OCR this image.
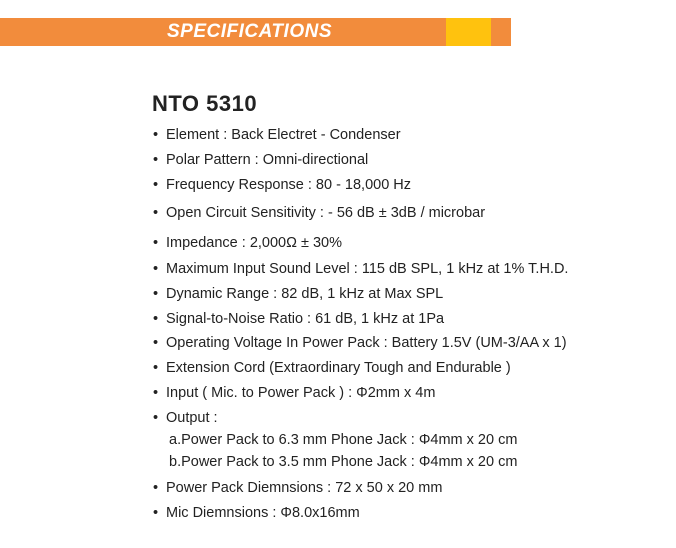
SPECIFICATIONS
NTO 5310
• Element : Back Electret - Condenser
• Polar Pattern : Omni-directional
• Frequency Response : 80 - 18,000 Hz
• Open Circuit Sensitivity : - 56 dB ± 3dB / microbar
• Impedance : 2,000Ω ± 30%
• Maximum Input Sound Level : 115 dB SPL, 1 kHz at 1% T.H.D.
• Dynamic Range : 82 dB, 1 kHz at Max SPL
• Signal-to-Noise Ratio : 61 dB, 1 kHz at 1Pa
• Operating Voltage In Power Pack : Battery 1.5V (UM-3/AA x 1)
• Extension Cord (Extraordinary Tough and Endurable )
• Input ( Mic. to Power Pack ) : Φ2mm x 4m
• Output :
a.Power Pack to 6.3 mm Phone Jack : Φ4mm x 20 cm
b.Power Pack to 3.5 mm Phone Jack : Φ4mm x 20 cm
• Power Pack Diemnsions : 72 x 50 x 20 mm
• Mic Diemnsions : Φ8.0x16mm
